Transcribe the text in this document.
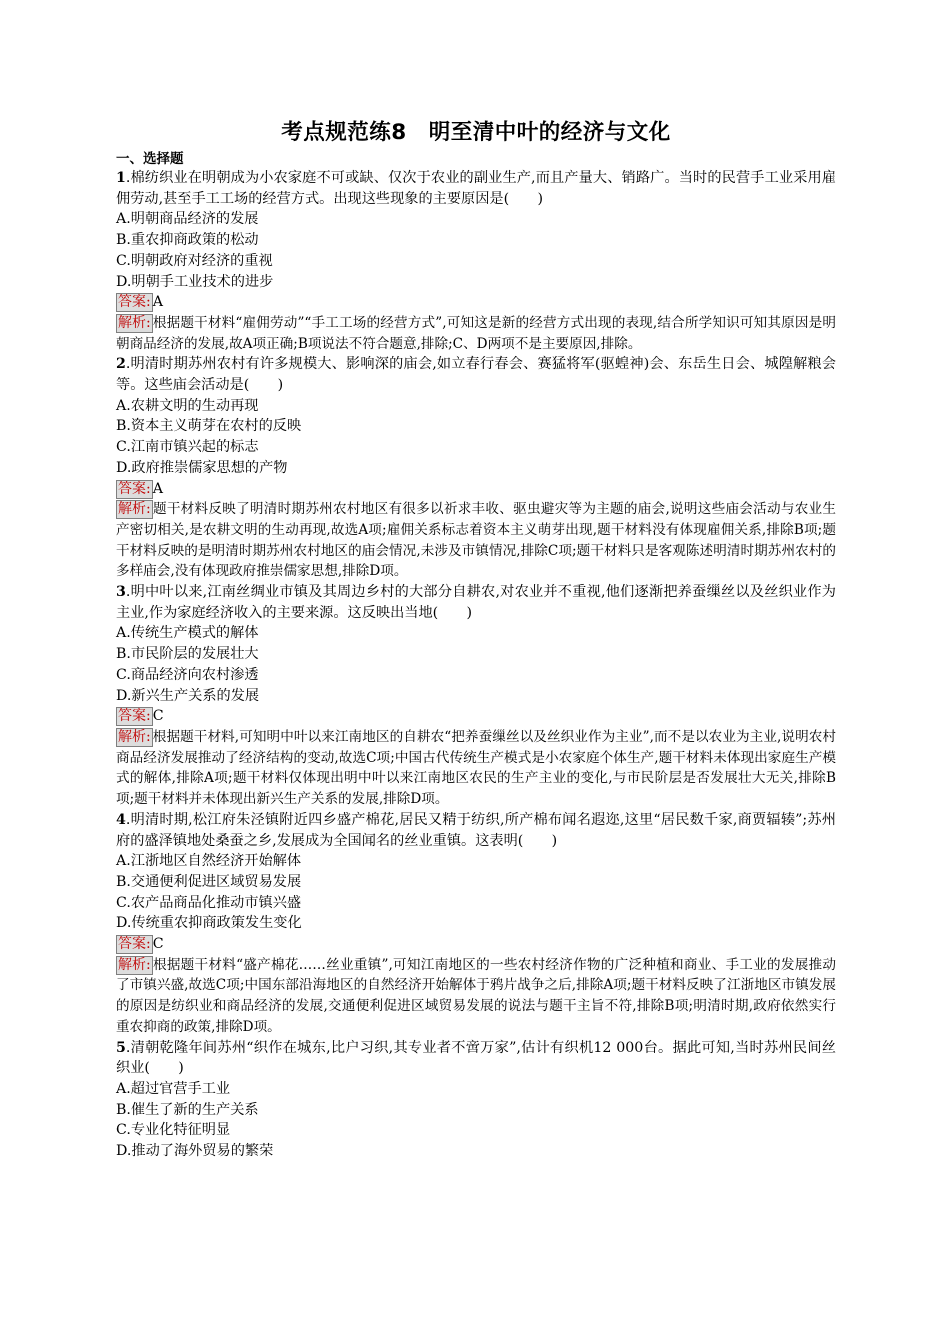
考点规范练8　明至清中叶的经济与文化
一、选择题
1.棉纺织业在明朝成为小农家庭不可或缺、仅次于农业的副业生产,而且产量大、销路广。当时的民营手工业采用雇佣劳动,甚至手工工场的经营方式。出现这些现象的主要原因是(　　)
A.明朝商品经济的发展
B.重农抑商政策的松动
C.明朝政府对经济的重视
D.明朝手工业技术的进步
答案: A
解析: 根据题干材料“雇佣劳动”“手工工场的经营方式”,可知这是新的经营方式出现的表现,结合所学知识可知其原因是明朝商品经济的发展,故A项正确;B项说法不符合题意,排除;C、D两项不是主要原因,排除。
2.明清时期苏州农村有许多规模大、影响深的庙会,如立春行春会、赛猛将军(驱蝗神)会、东岳生日会、城隍解粮会等。这些庙会活动是(　　)
A.农耕文明的生动再现
B.资本主义萌芽在农村的反映
C.江南市镇兴起的标志
D.政府推崇儒家思想的产物
答案: A
解析: 题干材料反映了明清时期苏州农村地区有很多以祈求丰收、驱虫避灾等为主题的庙会,说明这些庙会活动与农业生产密切相关,是农耕文明的生动再现,故选A项;雇佣关系标志着资本主义萌芽出现,题干材料没有体现雇佣关系,排除B项;题干材料反映的是明清时期苏州农村地区的庙会情况,未涉及市镇情况,排除C项;题干材料只是客观陈述明清时期苏州农村的多样庙会,没有体现政府推崇儒家思想,排除D项。
3.明中叶以来,江南丝绸业市镇及其周边乡村的大部分自耕农,对农业并不重视,他们逐渐把养蚕缫丝以及丝织业作为主业,作为家庭经济收入的主要来源。这反映出当地(　　)
A.传统生产模式的解体
B.市民阶层的发展壮大
C.商品经济向农村渗透
D.新兴生产关系的发展
答案: C
解析: 根据题干材料,可知明中叶以来江南地区的自耕农“把养蚕缫丝以及丝织业作为主业”,而不是以农业为主业,说明农村商品经济发展推动了经济结构的变动,故选C项;中国古代传统生产模式是小农家庭个体生产,题干材料未体现出家庭生产模式的解体,排除A项;题干材料仅体现出明中叶以来江南地区农民的生产主业的变化,与市民阶层是否发展壮大无关,排除B项;题干材料并未体现出新兴生产关系的发展,排除D项。
4.明清时期,松江府朱泾镇附近四乡盛产棉花,居民又精于纺织,所产棉布闻名遐迩,这里“居民数千家,商贾辐辏”;苏州府的盛泽镇地处桑蚕之乡,发展成为全国闻名的丝业重镇。这表明(　　)
A.江浙地区自然经济开始解体
B.交通便利促进区域贸易发展
C.农产品商品化推动市镇兴盛
D.传统重农抑商政策发生变化
答案: C
解析: 根据题干材料“盛产棉花……丝业重镇”,可知江南地区的一些农村经济作物的广泛种植和商业、手工业的发展推动了市镇兴盛,故选C项;中国东部沿海地区的自然经济开始解体于鸦片战争之后,排除A项;题干材料反映了江浙地区市镇发展的原因是纺织业和商品经济的发展,交通便利促进区域贸易发展的说法与题干主旨不符,排除B项;明清时期,政府依然实行重农抑商的政策,排除D项。
5.清朝乾隆年间苏州“织作在城东,比户习织,其专业者不啻万家”,估计有织机12 000台。据此可知,当时苏州民间丝织业(　　)
A.超过官营手工业
B.催生了新的生产关系
C.专业化特征明显
D.推动了海外贸易的繁荣
